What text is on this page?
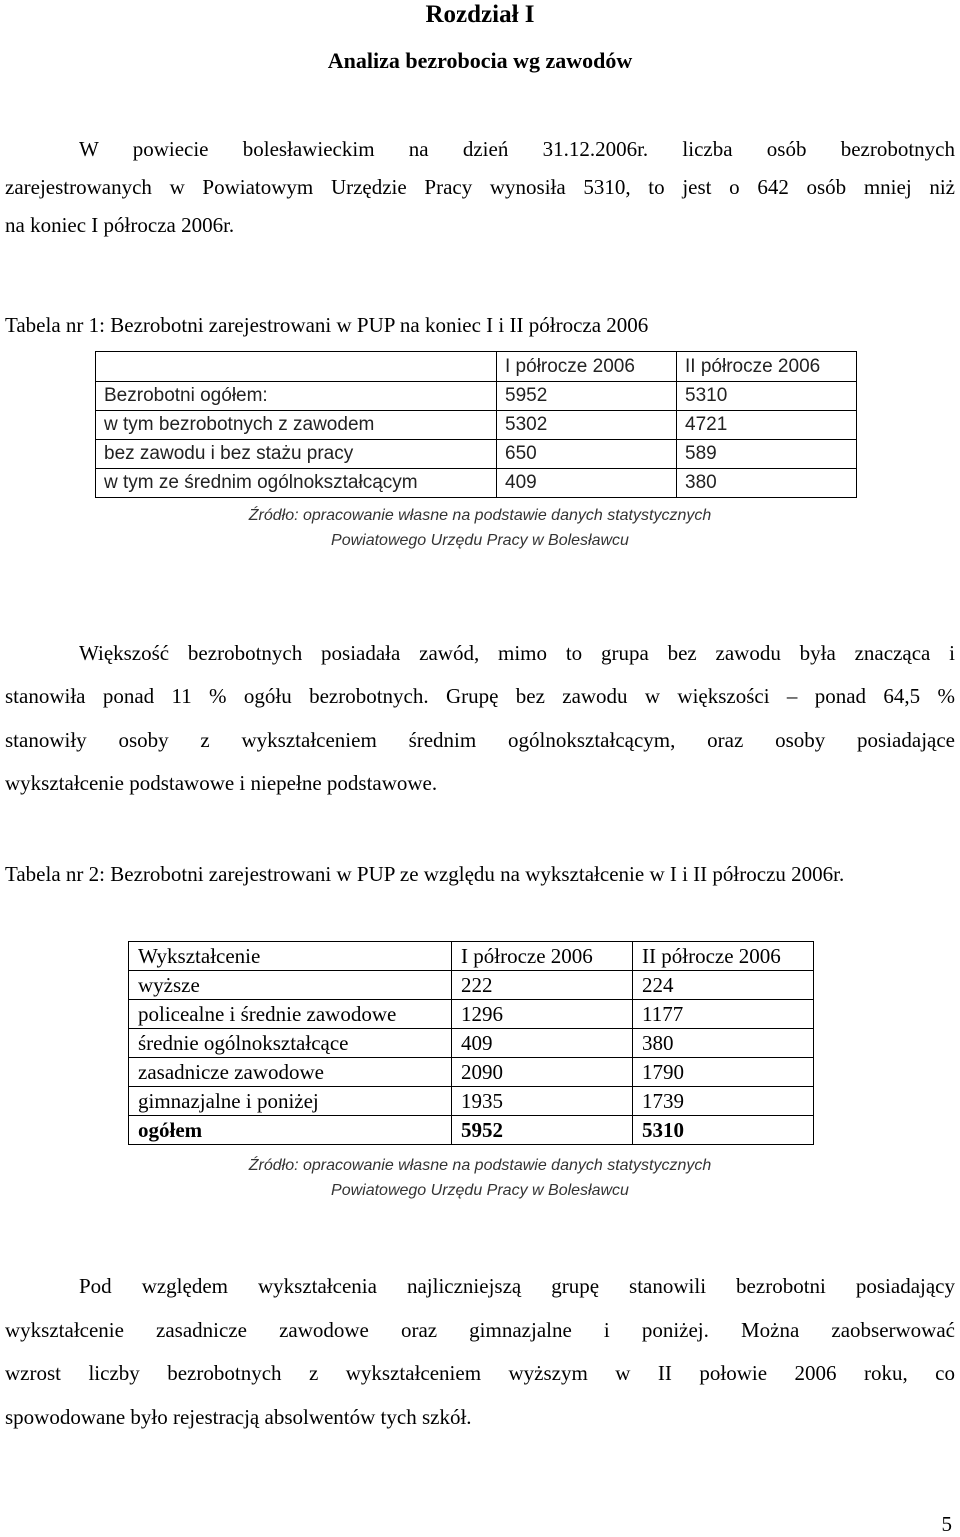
Rozdział I
Analiza bezrobocia wg zawodów
W powiecie bolesławieckim na dzień 31.12.2006r. liczba osób bezrobotnych
zarejestrowanych w Powiatowym Urzędzie Pracy wynosiła 5310, to jest o 642 osób mniej niż
na koniec I półrocza 2006r.
Tabela nr 1: Bezrobotni zarejestrowani w PUP na koniec I i II półrocza 2006
	I półrocze 2006	II półrocze 2006
Bezrobotni ogółem:	5952	5310
w tym bezrobotnych z zawodem	5302	4721
bez zawodu i bez stażu pracy	650	589
w tym ze średnim ogólnokształcącym	409	380
Źródło: opracowanie własne na podstawie danych statystycznych
Powiatowego Urzędu Pracy w Bolesławcu
Większość bezrobotnych posiadała zawód, mimo to grupa bez zawodu była znacząca i
stanowiła ponad 11 % ogółu bezrobotnych. Grupę bez zawodu w większości – ponad 64,5 %
stanowiły osoby z wykształceniem średnim ogólnokształcącym, oraz osoby posiadające
wykształcenie podstawowe i niepełne podstawowe.
Tabela nr 2: Bezrobotni zarejestrowani w PUP ze względu na wykształcenie w I i II półroczu 2006r.
Wykształcenie	I półrocze 2006	II półrocze 2006
wyższe	222	224
policealne i średnie zawodowe	1296	1177
średnie ogólnokształcące	409	380
zasadnicze zawodowe	2090	1790
gimnazjalne i poniżej	1935	1739
ogółem	5952	5310
Źródło: opracowanie własne na podstawie danych statystycznych
Powiatowego Urzędu Pracy w Bolesławcu
Pod względem wykształcenia najliczniejszą grupę stanowili bezrobotni posiadający
wykształcenie zasadnicze zawodowe oraz gimnazjalne i poniżej. Można zaobserwować
wzrost liczby bezrobotnych z wykształceniem wyższym w II połowie 2006 roku, co
spowodowane było rejestracją absolwentów tych szkół.
5
